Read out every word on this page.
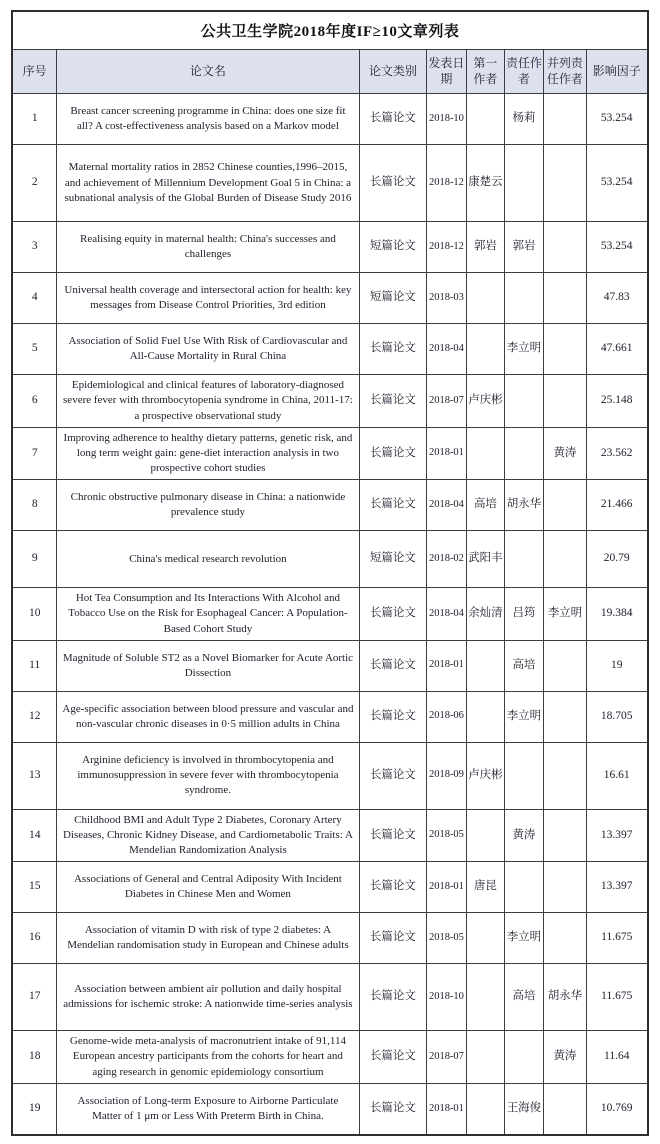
公共卫生学院2018年度IF≥10文章列表							
序号	论文名	论文类别	发表日期	第一作者	责任作者	并列责任作者	影响因子
1	Breast cancer screening programme in China: does one size fit all? A cost-effectiveness analysis based on a Markov model	长篇论文	2018-10		杨莉		53.254
2	Maternal mortality ratios in 2852 Chinese counties,1996–2015, and achievement of Millennium Development Goal 5 in China: a subnational analysis of the Global Burden of Disease Study 2016	长篇论文	2018-12	康楚云			53.254
3	Realising equity in maternal health: China's successes and challenges	短篇论文	2018-12	郭岩	郭岩		53.254
4	Universal health coverage and intersectoral action for health: key messages from Disease Control Priorities, 3rd edition	短篇论文	2018-03				47.83
5	Association of Solid Fuel Use With Risk of Cardiovascular and All-Cause Mortality in Rural China	长篇论文	2018-04		李立明		47.661
6	Epidemiological and clinical features of laboratory-diagnosed severe fever with thrombocytopenia syndrome in China, 2011-17: a prospective observational study	长篇论文	2018-07	卢庆彬			25.148
7	Improving adherence to healthy dietary patterns, genetic risk, and long term weight gain: gene-diet interaction analysis in two prospective cohort studies	长篇论文	2018-01			黄涛	23.562
8	Chronic obstructive pulmonary disease in China: a nationwide prevalence study	长篇论文	2018-04	高培	胡永华		21.466
9	China's medical research revolution	短篇论文	2018-02	武阳丰			20.79
10	Hot Tea Consumption and Its Interactions With Alcohol and Tobacco Use on the Risk for Esophageal Cancer: A Population- Based Cohort Study	长篇论文	2018-04	余灿清	吕筠	李立明	19.384
11	Magnitude of Soluble ST2 as a Novel Biomarker for Acute Aortic Dissection	长篇论文	2018-01		高培		19
12	Age-specific association between blood pressure and vascular and non-vascular chronic diseases in 0·5 million adults in China	长篇论文	2018-06		李立明		18.705
13	Arginine deficiency is involved in thrombocytopenia and immunosuppression in severe fever with thrombocytopenia syndrome.	长篇论文	2018-09	卢庆彬			16.61
14	Childhood BMI and Adult Type 2 Diabetes, Coronary Artery Diseases, Chronic Kidney Disease, and Cardiometabolic Traits: A Mendelian Randomization Analysis	长篇论文	2018-05		黄涛		13.397
15	Associations of General and Central Adiposity With Incident Diabetes in Chinese Men and Women	长篇论文	2018-01	唐昆			13.397
16	Association of vitamin D with risk of type 2 diabetes: A Mendelian randomisation study in European and Chinese adults	长篇论文	2018-05		李立明		11.675
17	Association between ambient air pollution and daily hospital admissions for ischemic stroke: A nationwide time-series analysis	长篇论文	2018-10		高培	胡永华	11.675
18	Genome-wide meta-analysis of macronutrient intake of 91,114 European ancestry participants from the cohorts for heart and aging research in genomic epidemiology consortium	长篇论文	2018-07			黄涛	11.64
19	Association of Long-term Exposure to Airborne Particulate Matter of 1 μm or Less With Preterm Birth in China.	长篇论文	2018-01		王海俊		10.769
